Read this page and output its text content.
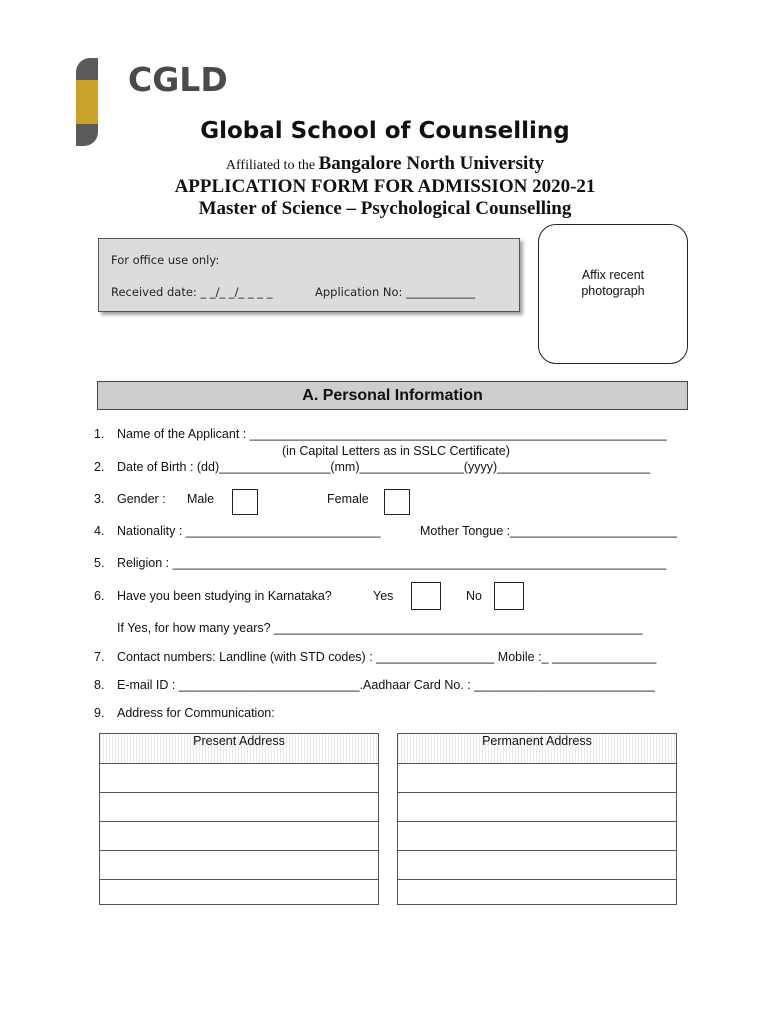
CGLD
Global School of Counselling
Affiliated to the Bangalore North University
APPLICATION FORM FOR ADMISSION 2020-21
Master of Science – Psychological Counselling
For office use only:
Received date: _ _/_ _/_ _ _ _	Application No: ____________
Affix recent photograph
A. Personal Information
1. Name of the Applicant : ____________________________________________________________
(in Capital Letters as in SSLC Certificate)
2. Date of Birth : (dd)________________(mm)_______________(yyyy)______________________
3. Gender : Male	Female
4. Nationality : ____________________________	Mother Tongue :________________________
5. Religion : _______________________________________________________________________
6. Have you been studying in Karnataka?	Yes	No
If Yes, for how many years? _____________________________________________________
7. Contact numbers: Landline (with STD codes) : _________________ Mobile :_ _______________
8. E-mail ID : __________________________.Aadhaar Card No. : __________________________
9. Address for Communication:
Present Address	Permanent Address
